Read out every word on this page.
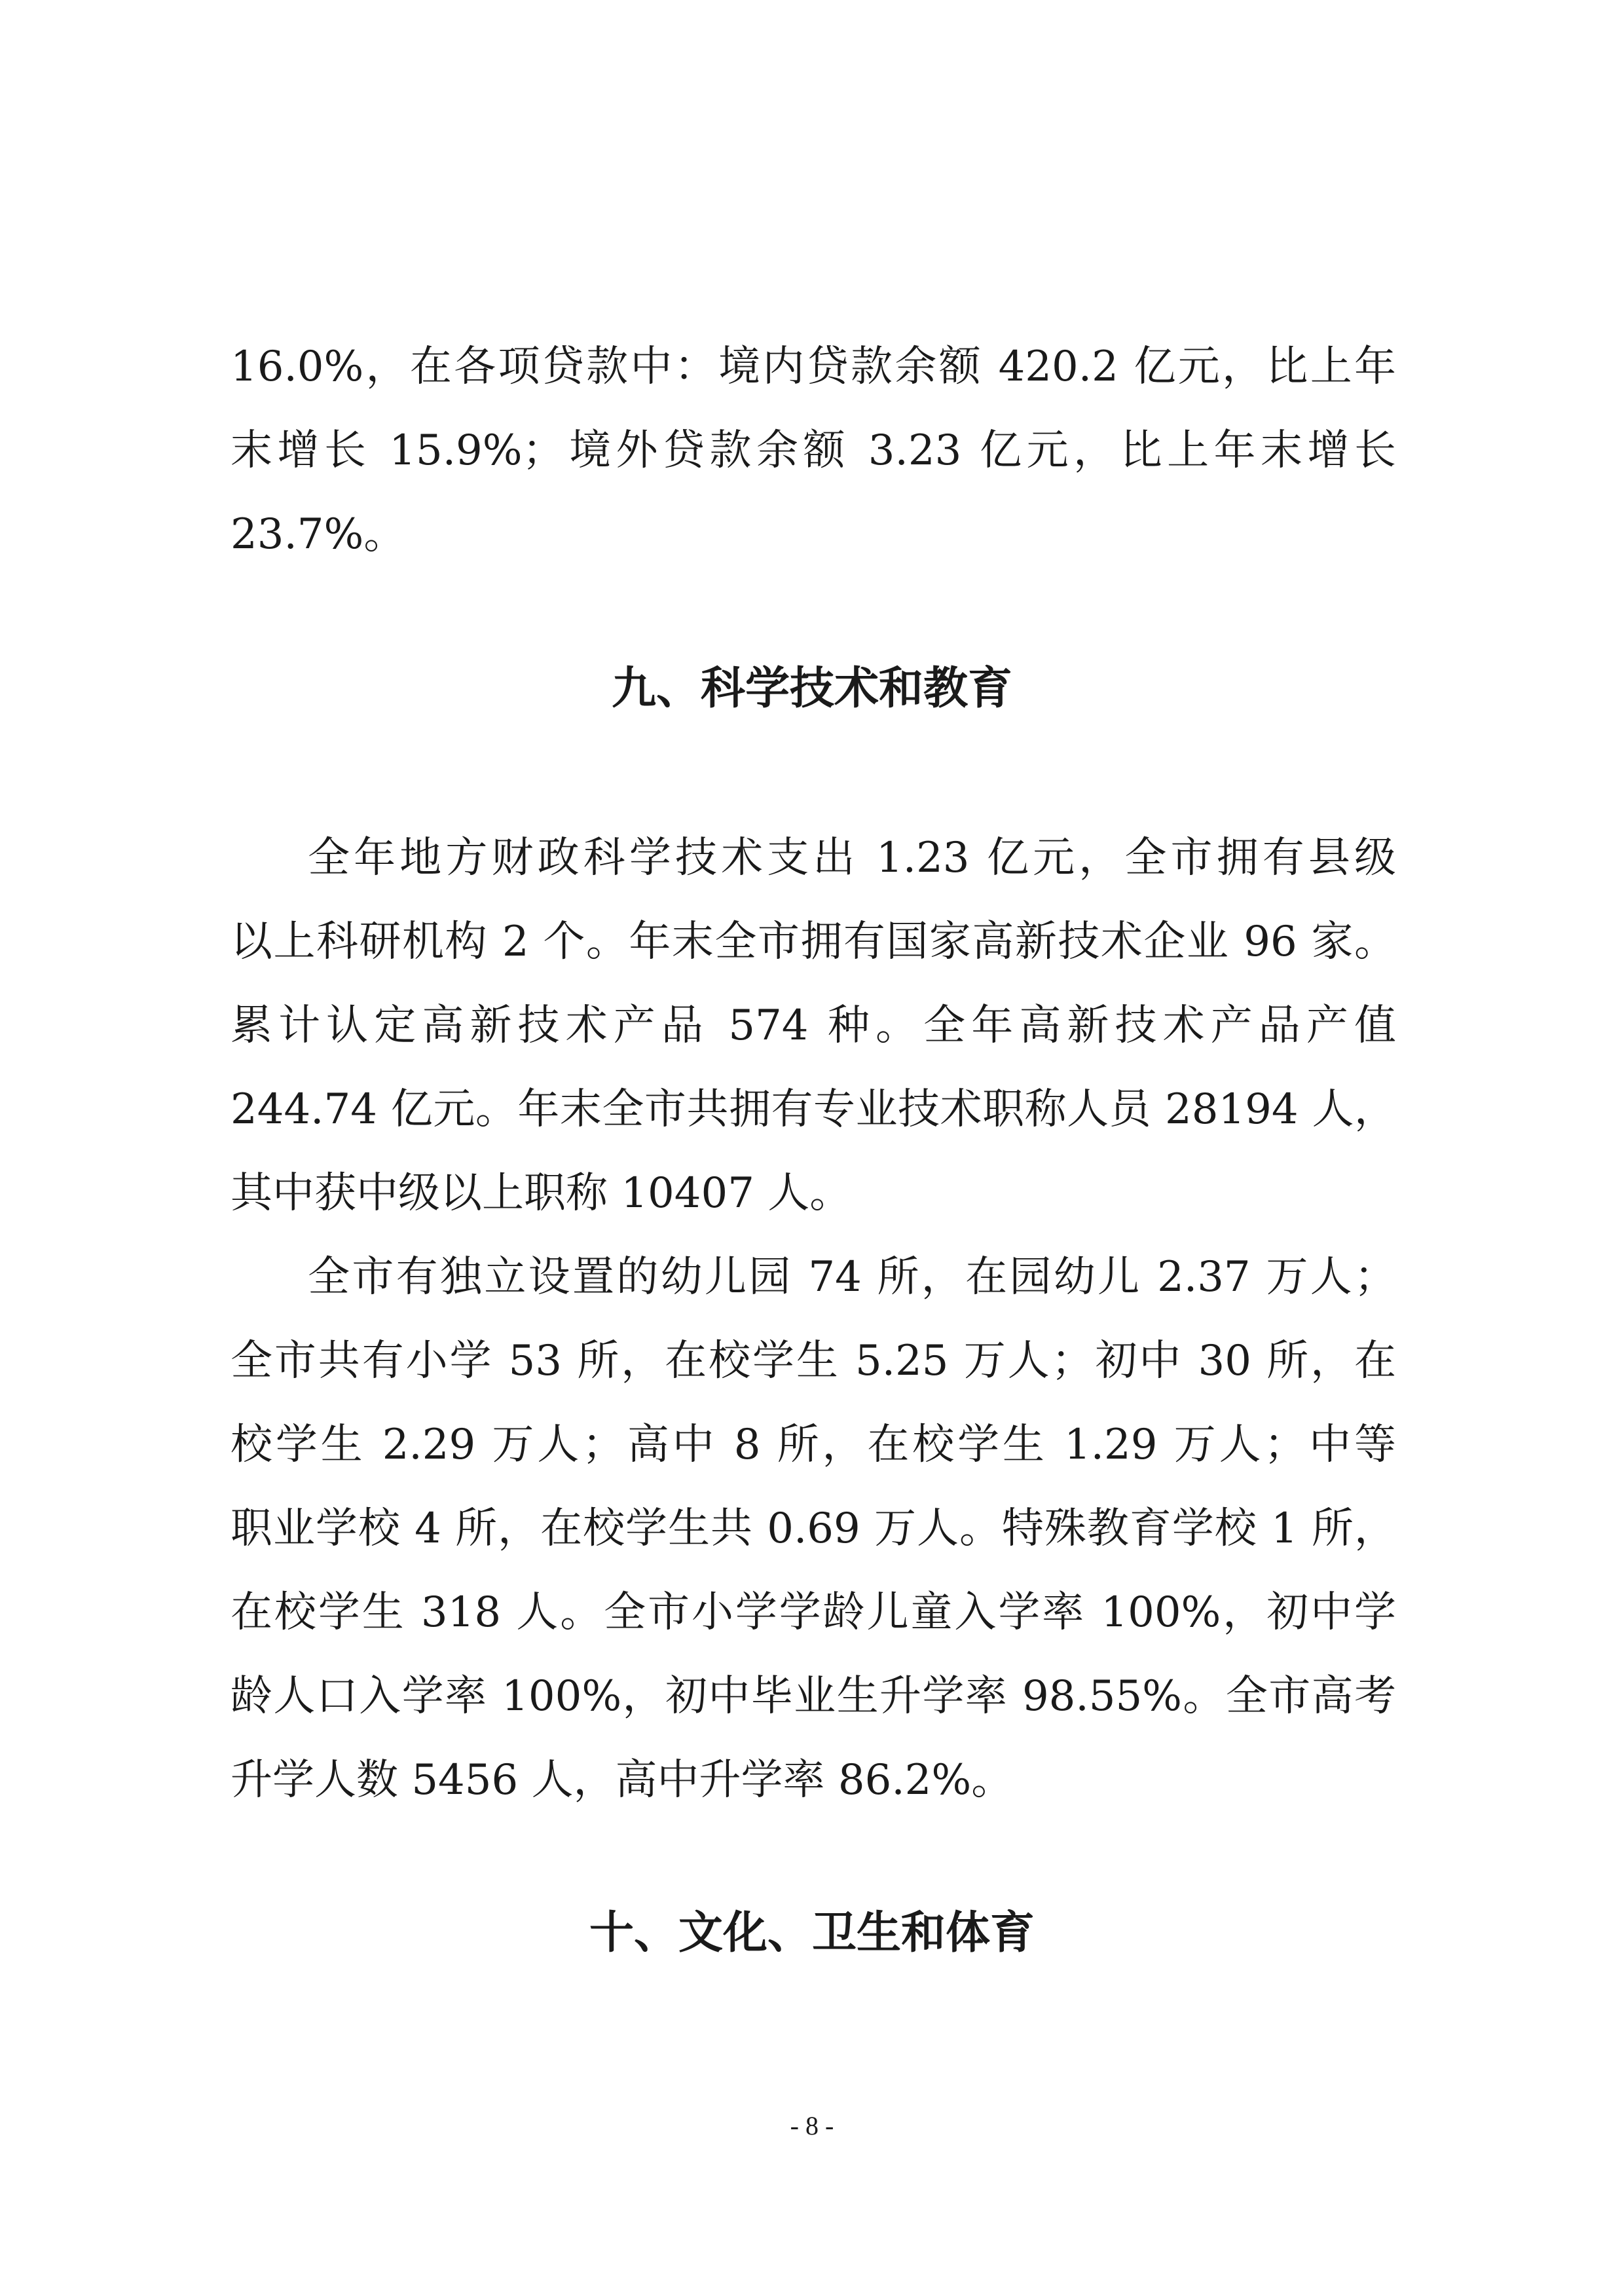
16.0%，在各项贷款中：境内贷款余额 420.2 亿元，比上年
末增长 15.9%；境外贷款余额 3.23 亿元，比上年末增长
23.7%。
九、科学技术和教育
全年地方财政科学技术支出 1.23 亿元，全市拥有县级
以上科研机构 2 个。年末全市拥有国家高新技术企业 96 家。
累计认定高新技术产品 574 种。全年高新技术产品产值
244.74 亿元。年末全市共拥有专业技术职称人员 28194 人，
其中获中级以上职称 10407 人。
全市有独立设置的幼儿园 74 所，在园幼儿 2.37 万人；
全市共有小学 53 所，在校学生 5.25 万人；初中 30 所，在
校学生 2.29 万人；高中 8 所，在校学生 1.29 万人；中等
职业学校 4 所，在校学生共 0.69 万人。特殊教育学校 1 所，
在校学生 318 人。全市小学学龄儿童入学率 100%，初中学
龄人口入学率 100%，初中毕业生升学率 98.55%。全市高考
升学人数 5456 人，高中升学率 86.2%。
十、文化、卫生和体育
- 8 -
